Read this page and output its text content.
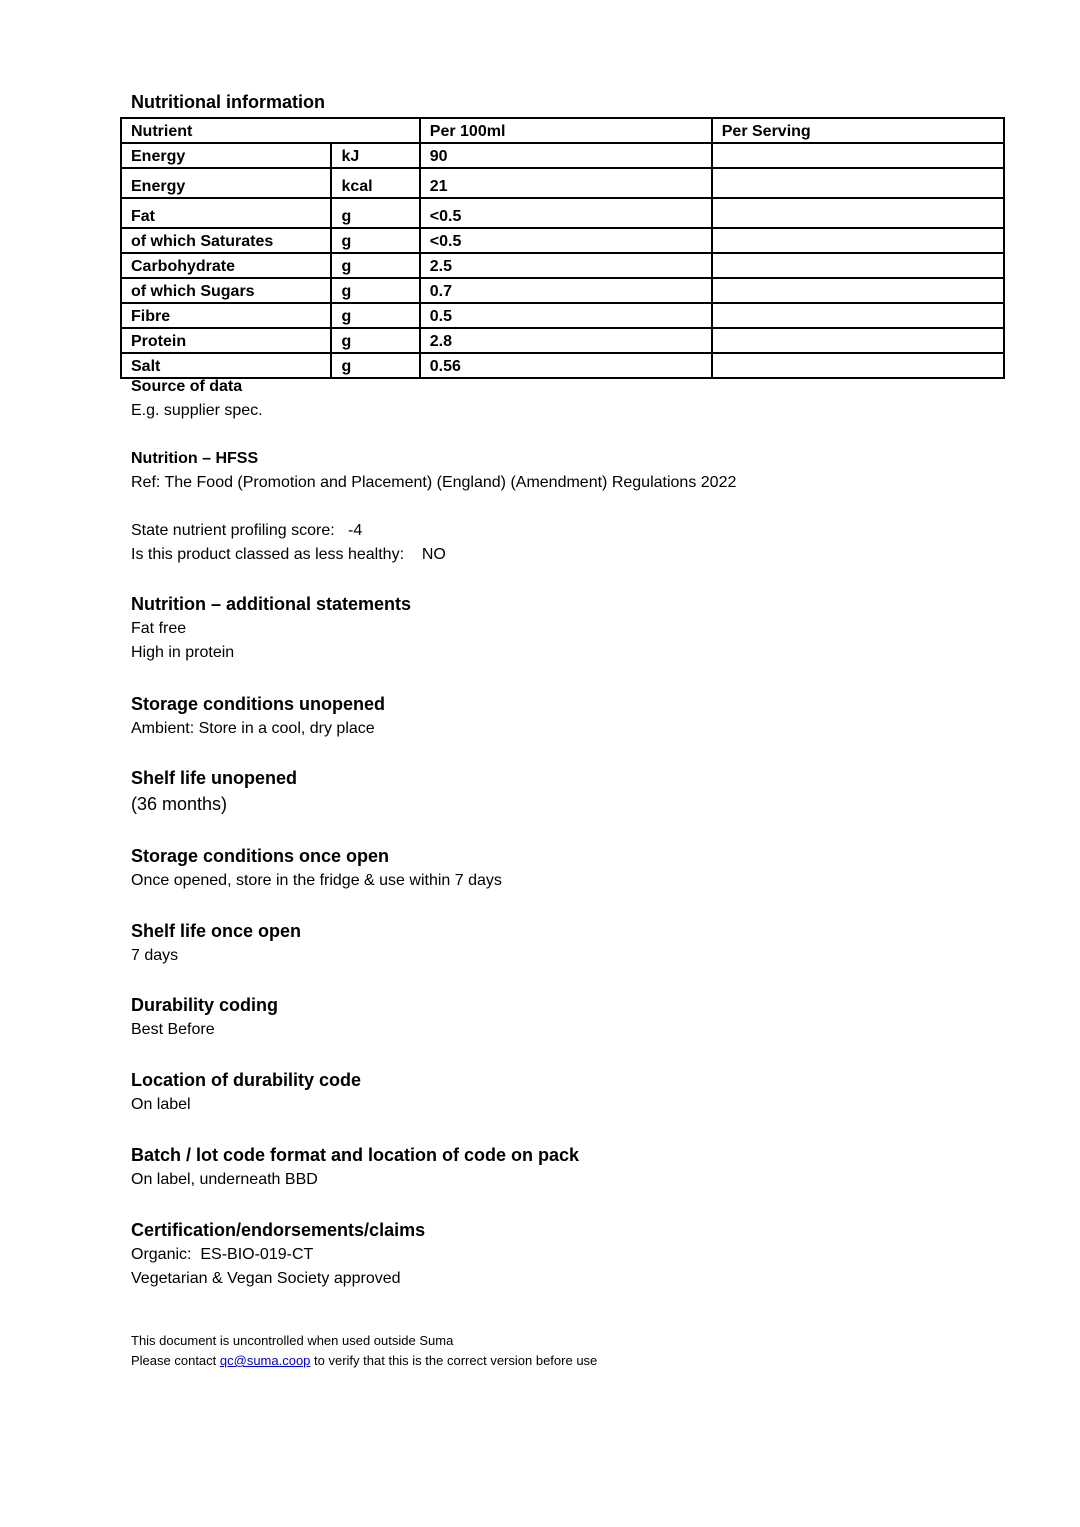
Nutritional information
Nutrient		Per 100ml	Per Serving
Energy	kJ	90	
Energy	kcal	21	
Fat	g	<0.5	
of which Saturates	g	<0.5	
Carbohydrate	g	2.5	
of which Sugars	g	0.7	
Fibre	g	0.5	
Protein	g	2.8	
Salt	g	0.56	
Source of data
E.g. supplier spec.
Nutrition – HFSS
Ref: The Food (Promotion and Placement) (England) (Amendment) Regulations 2022
State nutrient profiling score: -4
Is this product classed as less healthy: NO
Nutrition – additional statements
Fat free
High in protein
Storage conditions unopened
Ambient: Store in a cool, dry place
Shelf life unopened
(36 months)
Storage conditions once open
Once opened, store in the fridge & use within 7 days
Shelf life once open
7 days
Durability coding
Best Before
Location of durability code
On label
Batch / lot code format and location of code on pack
On label, underneath BBD
Certification/endorsements/claims
Organic:  ES-BIO-019-CT
Vegetarian & Vegan Society approved
This document is uncontrolled when used outside Suma
Please contact qc@suma.coop to verify that this is the correct version before use
